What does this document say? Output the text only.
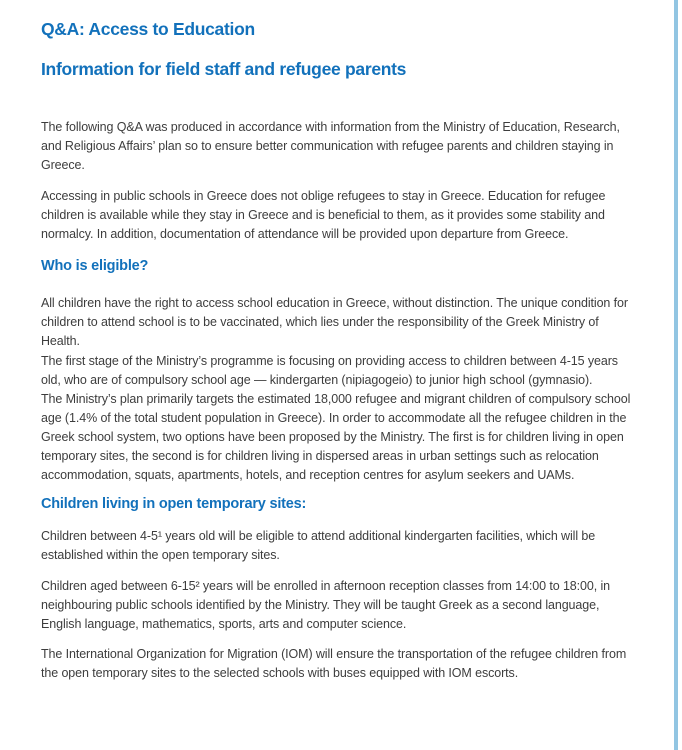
Q&A: Access to Education
Information for field staff and refugee parents

The following Q&A was produced in accordance with information from the Ministry of Education, Research, and Religious Affairs’ plan so to ensure better communication with refugee parents and children staying in Greece.

Accessing in public schools in Greece does not oblige refugees to stay in Greece. Education for refugee children is available while they stay in Greece and is beneficial to them, as it provides some stability and normalcy. In addition, documentation of attendance will be provided upon departure from Greece.

Who is eligible?

All children have the right to access school education in Greece, without distinction. The unique condition for children to attend school is to be vaccinated, which lies under the responsibility of the Greek Ministry of Health.

The first stage of the Ministry’s programme is focusing on providing access to children between 4-15 years old, who are of compulsory school age — kindergarten (nipiagogeio) to junior high school (gymnasio).

The Ministry’s plan primarily targets the estimated 18,000 refugee and migrant children of compulsory school age (1.4% of the total student population in Greece). In order to accommodate all the refugee children in the Greek school system, two options have been proposed by the Ministry. The first is for children living in open temporary sites, the second is for children living in dispersed areas in urban settings such as relocation accommodation, squats, apartments, hotels, and reception centres for asylum seekers and UAMs.

Children living in open temporary sites:

Children between 4-5¹ years old will be eligible to attend additional kindergarten facilities, which will be established within the open temporary sites.

Children aged between 6-15² years will be enrolled in afternoon reception classes from 14:00 to 18:00, in neighbouring public schools identified by the Ministry. They will be taught Greek as a second language, English language, mathematics, sports, arts and computer science.

The International Organization for Migration (IOM) will ensure the transportation of the refugee children from the open temporary sites to the selected schools with buses equipped with IOM escorts.
